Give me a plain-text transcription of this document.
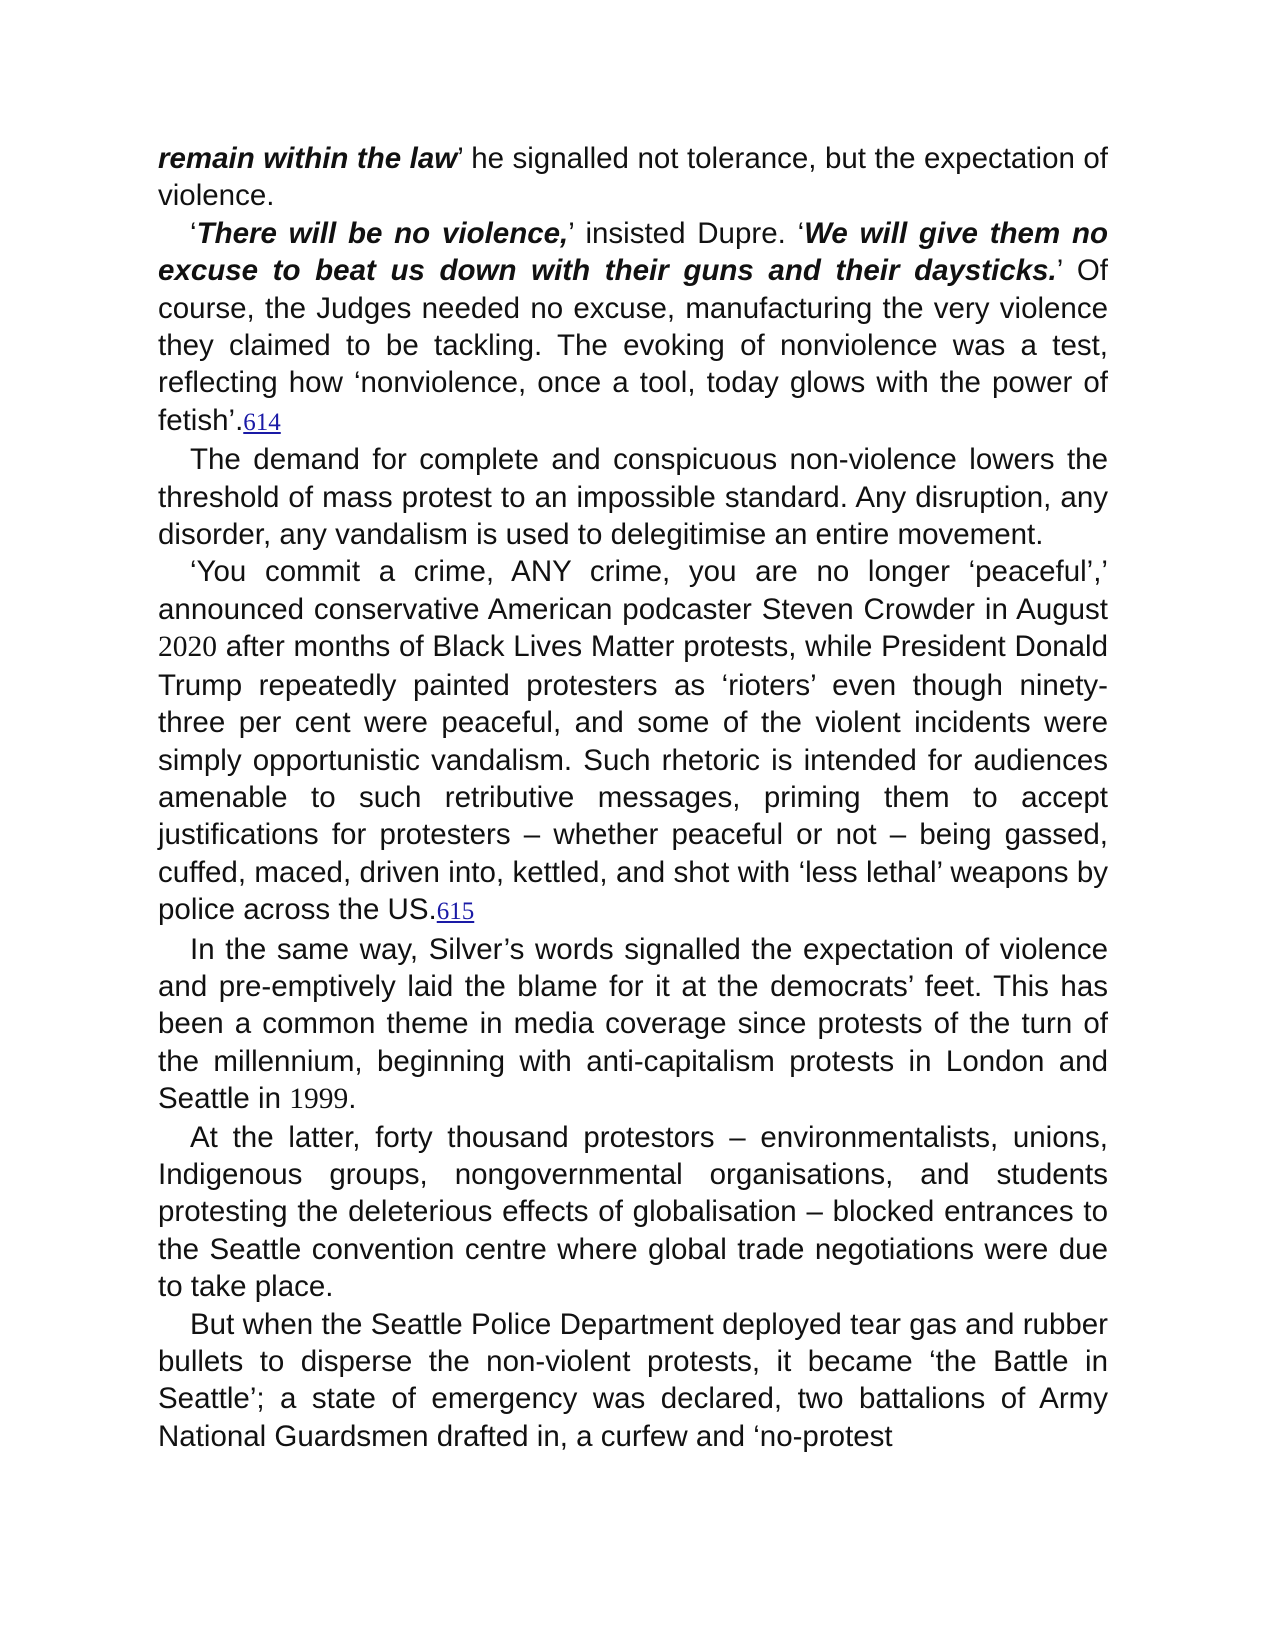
remain within the law’ he signalled not tolerance, but the expectation of violence.

‘There will be no violence,’ insisted Dupre. ‘We will give them no excuse to beat us down with their guns and their daysticks.’ Of course, the Judges needed no excuse, manufacturing the very violence they claimed to be tackling. The evoking of nonviolence was a test, reflecting how ‘nonviolence, once a tool, today glows with the power of fetish’.614

The demand for complete and conspicuous non-violence lowers the threshold of mass protest to an impossible standard. Any disruption, any disorder, any vandalism is used to delegitimise an entire movement.

‘You commit a crime, ANY crime, you are no longer ‘peaceful’,’ announced conservative American podcaster Steven Crowder in August 2020 after months of Black Lives Matter protests, while President Donald Trump repeatedly painted protesters as ‘rioters’ even though ninety-three per cent were peaceful, and some of the violent incidents were simply opportunistic vandalism. Such rhetoric is intended for audiences amenable to such retributive messages, priming them to accept justifications for protesters – whether peaceful or not – being gassed, cuffed, maced, driven into, kettled, and shot with ‘less lethal’ weapons by police across the US.615

In the same way, Silver’s words signalled the expectation of violence and pre-emptively laid the blame for it at the democrats’ feet. This has been a common theme in media coverage since protests of the turn of the millennium, beginning with anti-capitalism protests in London and Seattle in 1999.

At the latter, forty thousand protestors – environmentalists, unions, Indigenous groups, nongovernmental organisations, and students protesting the deleterious effects of globalisation – blocked entrances to the Seattle convention centre where global trade negotiations were due to take place.

But when the Seattle Police Department deployed tear gas and rubber bullets to disperse the non-violent protests, it became ‘the Battle in Seattle’; a state of emergency was declared, two battalions of Army National Guardsmen drafted in, a curfew and ‘no-protest
